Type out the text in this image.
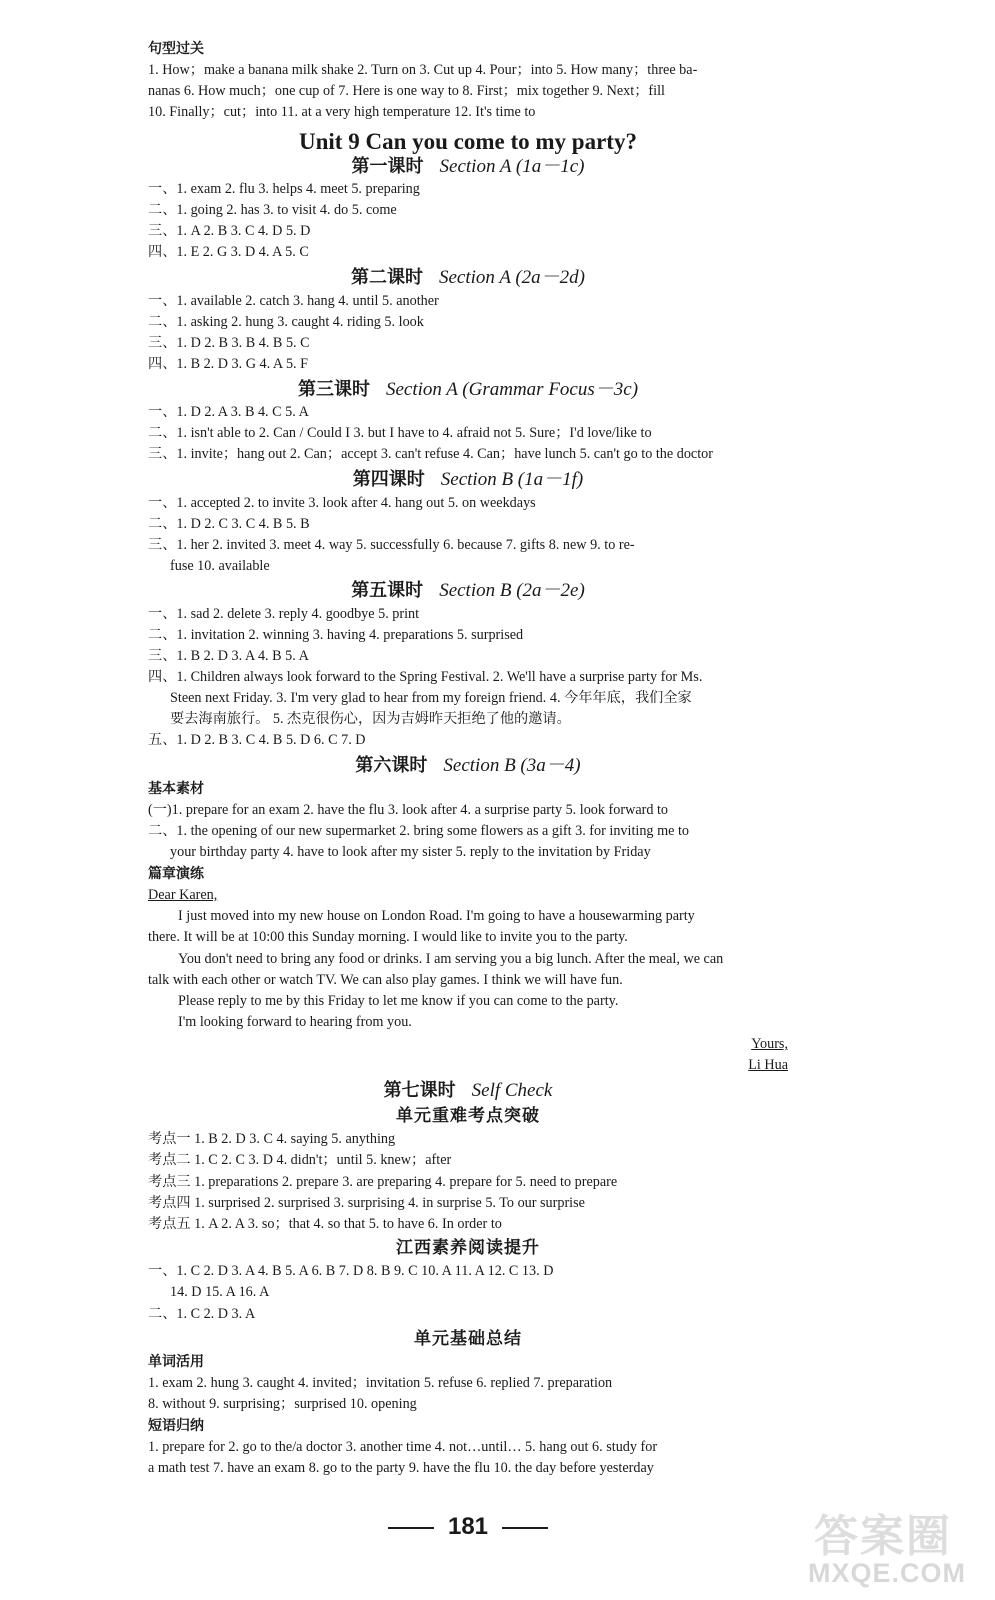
句型过关
1. How；make a banana milk shake 2. Turn on 3. Cut up 4. Pour；into 5. How many；three ba-
nanas 6. How much；one cup of 7. Here is one way to 8. First；mix together 9. Next；fill
10. Finally；cut；into 11. at a very high temperature 12. It's time to
Unit 9 Can you come to my party?
第一课时 Section A (1a－1c)
一、1. exam 2. flu 3. helps 4. meet 5. preparing
二、1. going 2. has 3. to visit 4. do 5. come
三、1. A 2. B 3. C 4. D 5. D
四、1. E 2. G 3. D 4. A 5. C
第二课时 Section A (2a－2d)
一、1. available 2. catch 3. hang 4. until 5. another
二、1. asking 2. hung 3. caught 4. riding 5. look
三、1. D 2. B 3. B 4. B 5. C
四、1. B 2. D 3. G 4. A 5. F
第三课时 Section A (Grammar Focus－3c)
一、1. D 2. A 3. B 4. C 5. A
二、1. isn't able to 2. Can / Could I 3. but I have to 4. afraid not 5. Sure；I'd love/like to
三、1. invite；hang out 2. Can；accept 3. can't refuse 4. Can；have lunch 5. can't go to the doctor
第四课时 Section B (1a－1f)
一、1. accepted 2. to invite 3. look after 4. hang out 5. on weekdays
二、1. D 2. C 3. C 4. B 5. B
三、1. her 2. invited 3. meet 4. way 5. successfully 6. because 7. gifts 8. new 9. to re-
fuse 10. available
第五课时 Section B (2a－2e)
一、1. sad 2. delete 3. reply 4. goodbye 5. print
二、1. invitation 2. winning 3. having 4. preparations 5. surprised
三、1. B 2. D 3. A 4. B 5. A
四、1. Children always look forward to the Spring Festival. 2. We'll have a surprise party for Ms.
Steen next Friday. 3. I'm very glad to hear from my foreign friend. 4. 今年年底，我们全家
要去海南旅行。 5. 杰克很伤心，因为吉姆昨天拒绝了他的邀请。
五、1. D 2. B 3. C 4. B 5. D 6. C 7. D
第六课时 Section B (3a－4)
基本素材
(一)1. prepare for an exam 2. have the flu 3. look after 4. a surprise party 5. look forward to
二、1. the opening of our new supermarket 2. bring some flowers as a gift 3. for inviting me to
your birthday party 4. have to look after my sister 5. reply to the invitation by Friday
篇章演练
Dear Karen,
I just moved into my new house on London Road. I'm going to have a housewarming party
there. It will be at 10:00 this Sunday morning. I would like to invite you to the party.
You don't need to bring any food or drinks. I am serving you a big lunch. After the meal, we can
talk with each other or watch TV. We can also play games. I think we will have fun.
Please reply to me by this Friday to let me know if you can come to the party.
I'm looking forward to hearing from you.
Yours,
Li Hua
第七课时 Self Check
单元重难考点突破
考点一 1. B 2. D 3. C 4. saying 5. anything
考点二 1. C 2. C 3. D 4. didn't；until 5. knew；after
考点三 1. preparations 2. prepare 3. are preparing 4. prepare for 5. need to prepare
考点四 1. surprised 2. surprised 3. surprising 4. in surprise 5. To our surprise
考点五 1. A 2. A 3. so；that 4. so that 5. to have 6. In order to
江西素养阅读提升
一、1. C 2. D 3. A 4. B 5. A 6. B 7. D 8. B 9. C 10. A 11. A 12. C 13. D
14. D 15. A 16. A
二、1. C 2. D 3. A
单元基础总结
单词活用
1. exam 2. hung 3. caught 4. invited；invitation 5. refuse 6. replied 7. preparation
8. without 9. surprising；surprised 10. opening
短语归纳
1. prepare for 2. go to the/a doctor 3. another time 4. not…until… 5. hang out 6. study for
a math test 7. have an exam 8. go to the party 9. have the flu 10. the day before yesterday
181	答案圈
MXQE.COM
